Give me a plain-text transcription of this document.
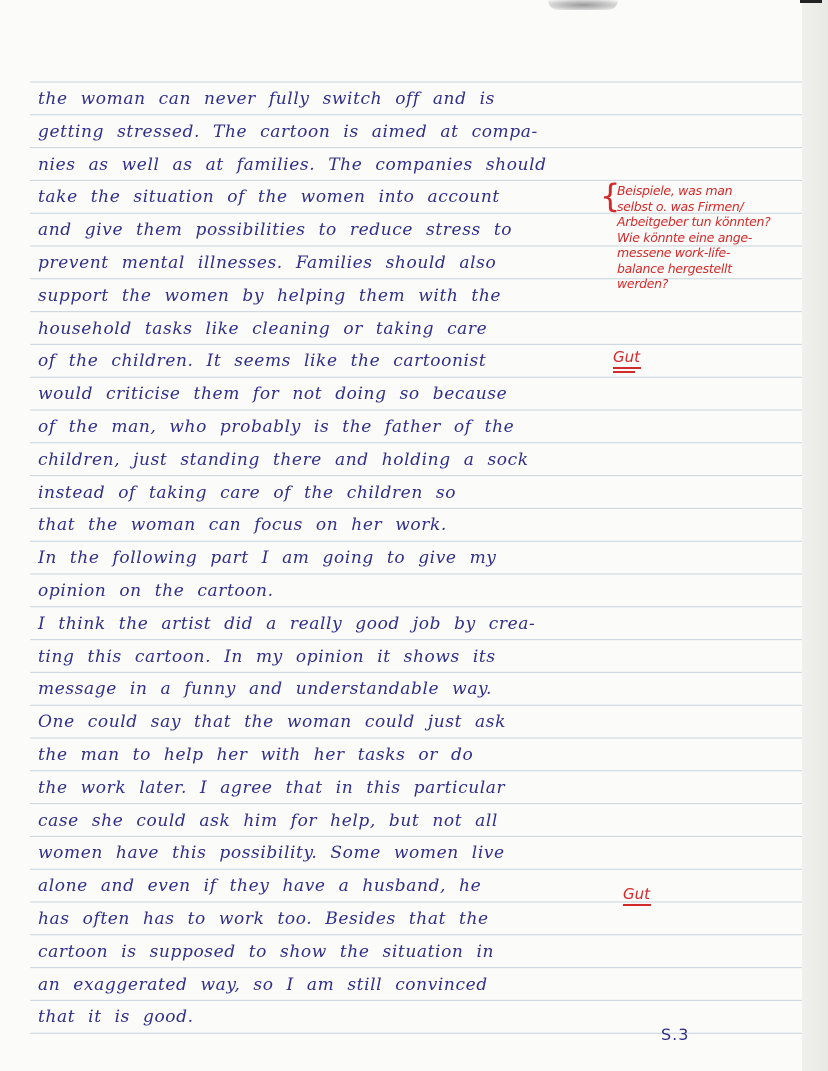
the woman can never fully switch off and is
getting stressed. The cartoon is aimed at compa-
nies as well as at families. The companies should
take the situation of the women into account
and give them possibilities to reduce stress to
prevent mental illnesses. Families should also
support the women by helping them with the
household tasks like cleaning or taking care
of the children. It seems like the cartoonist
would criticise them for not doing so because
of the man, who probably is the father of the
children, just standing there and holding a sock
instead of taking care of the children so
that the woman can focus on her work.
In the following part I am going to give my
opinion on the cartoon.
I think the artist did a really good job by crea-
ting this cartoon. In my opinion it shows its
message in a funny and understandable way.
One could say that the woman could just ask
the man to help her with her tasks or do
the work later. I agree that in this particular
case she could ask him for help, but not all
women have this possibility. Some women live
alone and even if they have a husband, he
has often has to work too. Besides that the
cartoon is supposed to show the situation in
an exaggerated way, so I am still convinced
that it is good.
{
Beispiele, was man
selbst o. was Firmen/
Arbeitgeber tun könnten?
Wie könnte eine ange-
messene work-life-
balance hergestellt
werden?
Gut
Gut
S.3
